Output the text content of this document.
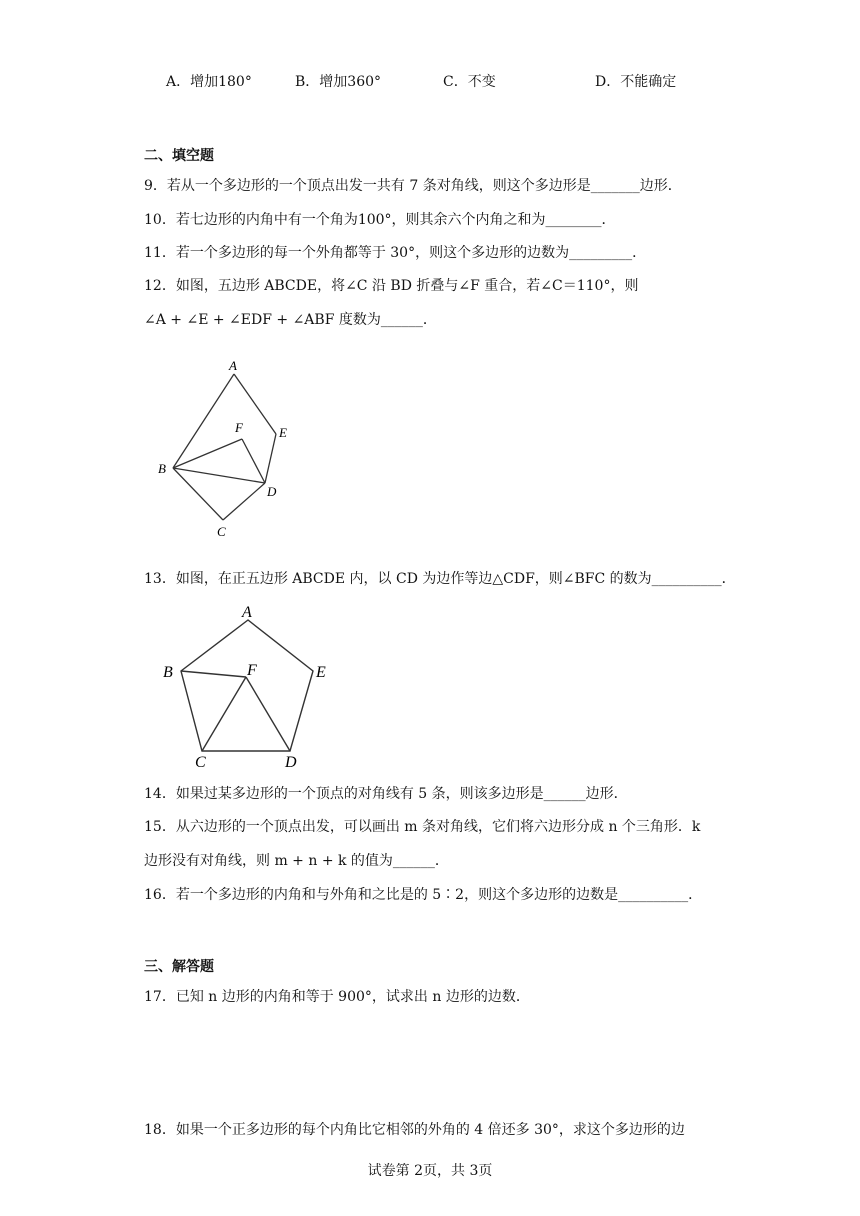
A．增加180°	B．增加360°	C．不变	D．不能确定
二、填空题
9．若从一个多边形的一个顶点出发一共有 7 条对角线，则这个多边形是_______边形．
10．若七边形的内角中有一个角为100°，则其余六个内角之和为________．
11．若一个多边形的每一个外角都等于 30°，则这个多边形的边数为_________．
12．如图，五边形 ABCDE，将∠C 沿 BD 折叠与∠F 重合，若∠C＝110°，则
∠A + ∠E + ∠EDF + ∠ABF 度数为______．
A
B
C
D
E
F
13．如图，在正五边形 ABCDE 内，以 CD 为边作等边△CDF，则∠BFC 的数为__________．
A
B
C	D
E
F
14．如果过某多边形的一个顶点的对角线有 5 条，则该多边形是______边形．
15．从六边形的一个顶点出发，可以画出 m 条对角线，它们将六边形分成 n 个三角形．k
边形没有对角线，则 m + n + k 的值为______．
16．若一个多边形的内角和与外角和之比是的 5∶2，则这个多边形的边数是__________．
三、解答题
17．已知 n 边形的内角和等于 900°，试求出 n 边形的边数．
18．如果一个正多边形的每个内角比它相邻的外角的 4 倍还多 30°，求这个多边形的边
试卷第 2页，共 3页
